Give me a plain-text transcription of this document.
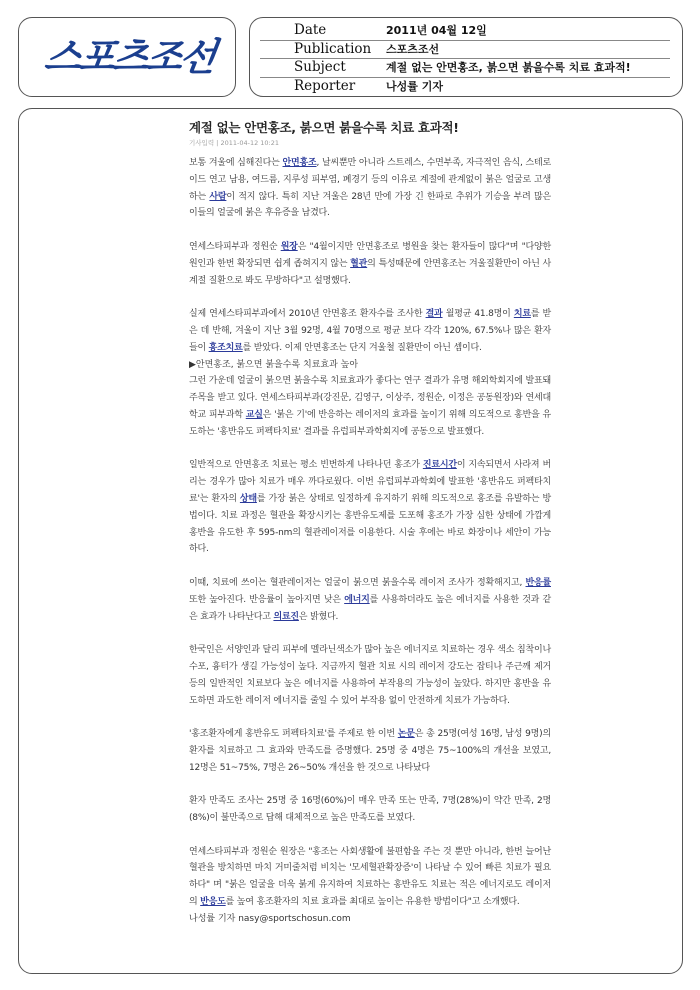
스포츠조선
Date	2011년 04월 12일
Publication 스포츠조선
Subject	계절 없는 안면홍조, 붉으면 붉을수록 치료 효과적!
Reporter	나성률 기자
계절 없는 안면홍조, 붉으면 붉을수록 치료 효과적!
기사입력 | 2011-04-12 10:21

보통 겨울에 심해진다는 안면홍조, 날씨뿐만 아니라 스트레스, 수면부족, 자극적인 음식, 스테로이드 연고 남용, 여드름, 지루성 피부염, 폐경기 등의 이유로 계절에 관계없이 붉은 얼굴로 고생하는 사람이 적지 않다. 특히 지난 겨울은 28년 만에 가장 긴 한파로 추위가 기승을 부려 많은 이들의 얼굴에 붉은 후유증을 남겼다.

연세스타피부과 정원순 원장은 "4월이지만 안면홍조로 병원을 찾는 환자들이 많다"며 "다양한 원인과 한번 확장되면 쉽게 좁혀지지 않는 혈관의 특성때문에 안면홍조는 겨울질환만이 아닌 사계절 질환으로 봐도 무방하다"고 설명했다.

실제 연세스타피부과에서 2010년 안면홍조 환자수를 조사한 결과 월평균 41.8명이 치료를 받은 데 반해, 겨울이 지난 3월 92명, 4월 70명으로 평균 보다 각각 120%, 67.5%나 많은 환자들이 홍조치료를 받았다. 이제 안면홍조는 단지 겨울철 질환만이 아닌 셈이다.

▶안면홍조, 붉으면 붉을수록 치료효과 높아

그런 가운데 얼굴이 붉으면 붉을수록 치료효과가 좋다는 연구 결과가 유명 해외학회지에 발표돼 주목을 받고 있다. 연세스타피부과(강진문, 김영구, 이상주, 정원순, 이정은 공동원장)와 연세대학교 피부과학 교실은 '붉은 기'에 반응하는 레이저의 효과를 높이기 위해 의도적으로 홍반을 유도하는 '홍반유도 퍼펙타치료' 결과를 유럽피부과학회지에 공동으로 발표했다.

일반적으로 안면홍조 치료는 평소 빈번하게 나타나던 홍조가 진료시간이 지속되면서 사라져 버리는 경우가 많아 치료가 매우 까다로웠다. 이번 유럽피부과학회에 발표한 '홍반유도 퍼펙타치료'는 환자의 상태를 가장 붉은 상태로 일정하게 유지하기 위해 의도적으로 홍조를 유발하는 방법이다. 치료 과정은 혈관을 확장시키는 홍반유도제를 도포해 홍조가 가장 심한 상태에 가깝게 홍반을 유도한 후 595-nm의 혈관레이저를 이용한다. 시술 후에는 바로 화장이나 세안이 가능하다.

이때, 치료에 쓰이는 혈관레이저는 얼굴이 붉으면 붉을수록 레이저 조사가 정확해지고, 반응률 또한 높아진다. 반응률이 높아지면 낮은 에너지를 사용하더라도 높은 에너지를 사용한 것과 같은 효과가 나타난다고 의료진은 밝혔다.

한국인은 서양인과 달리 피부에 멜라닌색소가 많아 높은 에너지로 치료하는 경우 색소 침착이나 수포, 흉터가 생길 가능성이 높다. 지금까지 혈관 치료 시의 레이저 강도는 잡티나 주근깨 제거 등의 일반적인 치료보다 높은 에너지를 사용하여 부작용의 가능성이 높았다. 하지만 홍반을 유도하면 과도한 레이저 에너지를 줄일 수 있어 부작용 없이 안전하게 치료가 가능하다.

'홍조환자에게 홍반유도 퍼펙타치료'를 주제로 한 이번 논문은 총 25명(여성 16명, 남성 9명)의 환자를 치료하고 그 효과와 만족도를 증명했다. 25명 중 4명은 75~100%의 개선을 보였고, 12명은 51~75%, 7명은 26~50% 개선을 한 것으로 나타났다

환자 만족도 조사는 25명 중 16명(60%)이 매우 만족 또는 만족, 7명(28%)이 약간 만족, 2명(8%)이 불만족으로 답해 대체적으로 높은 만족도를 보였다.

연세스타피부과 정원순 원장은 "홍조는 사회생활에 불편함을 주는 것 뿐만 아니라, 한번 늘어난 혈관을 방치하면 마치 거미줄처럼 비치는 '모세혈관확장증'이 나타날 수 있어 빠른 치료가 필요하다" 며 "붉은 얼굴을 더욱 붉게 유지하여 치료하는 홍반유도 치료는 적은 에너지로도 레이저의 반응도를 높여 홍조환자의 치료 효과를 최대로 높이는 유용한 방법이다"고 소개했다.

나성률 기자 nasy@sportschosun.com
